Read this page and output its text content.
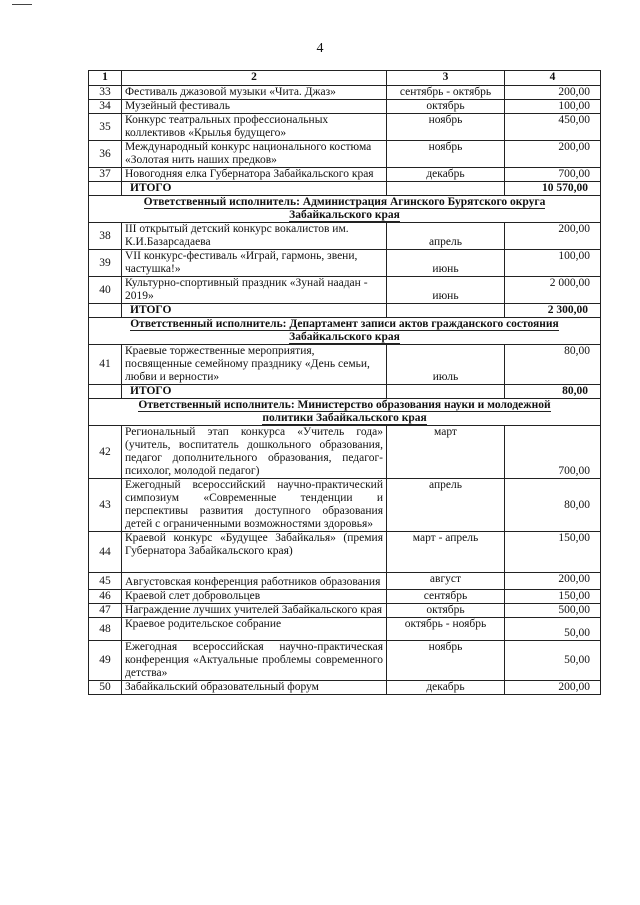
4
1	2	3	4
33	Фестиваль джазовой музыки «Чита. Джаз»	сентябрь - октябрь	200,00
34	Музейный фестиваль	октябрь	100,00
35	Конкурс театральных профессиональных коллективов «Крылья будущего»	ноябрь	450,00
36	Международный конкурс национального костюма «Золотая нить наших предков»	ноябрь	200,00
37	Новогодняя елка Губернатора Забайкальского края	декабрь	700,00
	ИТОГО		10 570,00
Ответственный исполнитель: Администрация Агинского Бурятского округа Забайкальского края			
38	III открытый детский конкурс вокалистов им. К.И.Базарсадаева	апрель	200,00
39	VII конкурс-фестиваль «Играй, гармонь, звени, частушка!»	июнь	100,00
40	Культурно-спортивный праздник «Зунай наадан - 2019»	июнь	2 000,00
	ИТОГО		2 300,00
Ответственный исполнитель: Департамент записи актов гражданского состояния Забайкальского края			
41	Краевые торжественные мероприятия, посвященные семейному празднику «День семьи, любви и верности»	июль	80,00
	ИТОГО		80,00
Ответственный исполнитель: Министерство образования науки и молодежной политики Забайкальского края			
42	Региональный этап конкурса «Учитель года» (учитель, воспитатель дошкольного образования, педагог дополнительного образования, педагог-психолог, молодой педагог)	март	700,00
43	Ежегодный всероссийский научно-практический симпозиум «Современные тенденции и перспективы развития доступного образования детей с ограниченными возможностями здоровья»	апрель	80,00
44	Краевой конкурс «Будущее Забайкалья» (премия Губернатора Забайкальского края)	март - апрель	150,00
45	Августовская конференция работников образования	август	200,00
46	Краевой слет добровольцев	сентябрь	150,00
47	Награждение лучших учителей Забайкальского края	октябрь	500,00
48	Краевое родительское собрание	октябрь - ноябрь	50,00
49	Ежегодная всероссийская научно-практическая конференция «Актуальные проблемы современного детства»	ноябрь	50,00
50	Забайкальский образовательный форум	декабрь	200,00
